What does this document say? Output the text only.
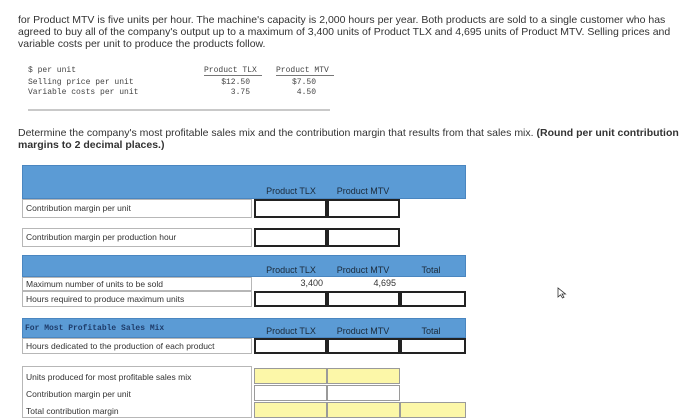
for Product MTV is five units per hour. The machine's capacity is 2,000 hours per year. Both products are sold to a single customer who has agreed to buy all of the company's output up to a maximum of 3,400 units of Product TLX and 4,695 units of Product MTV. Selling prices and variable costs per unit to produce the products follow.
$ per unit	Product TLX Product MTV
Selling price per unit	$12.50	$7.50
Variable costs per unit	3.75	4.50
Determine the company's most profitable sales mix and the contribution margin that results from that sales mix. (Round per unit contribution margins to 2 decimal places.)
Product TLX	Product MTV
Contribution margin per unit
Contribution margin per production hour
Product TLX	Product MTV	Total
Maximum number of units to be sold	3,400	4,695
Hours required to produce maximum units
For Most Profitable Sales Mix	Product TLX	Product MTV	Total
Hours dedicated to the production of each product
Units produced for most profitable sales mix
Contribution margin per unit
Total contribution margin
